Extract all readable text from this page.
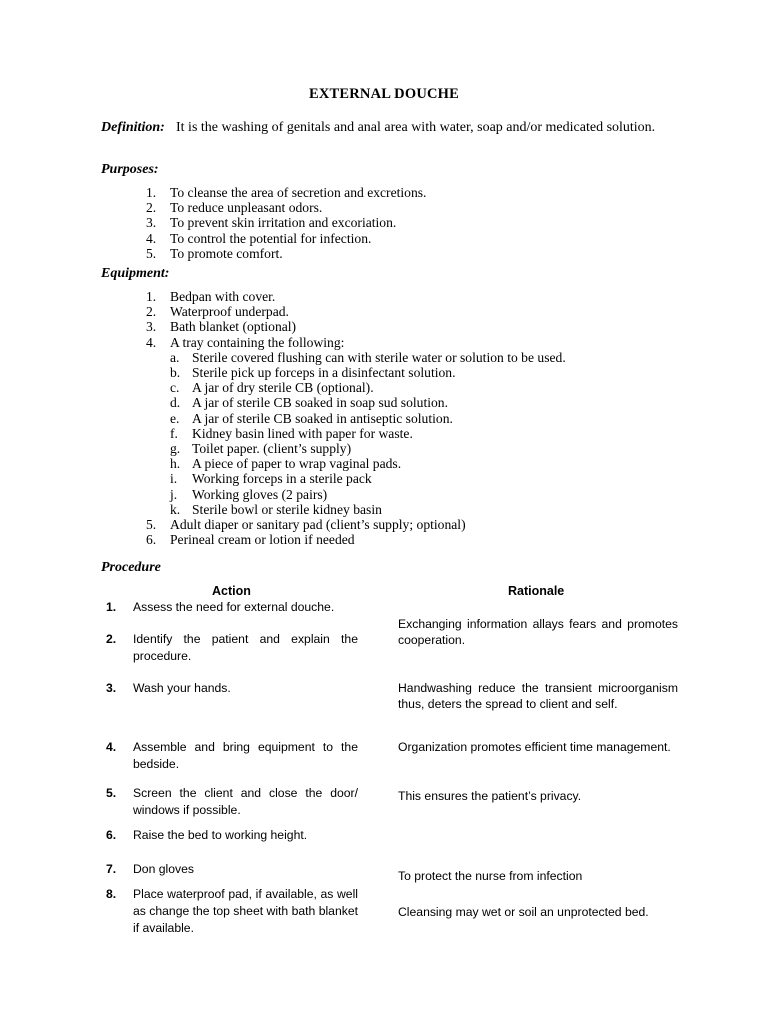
EXTERNAL DOUCHE
Definition: It is the washing of genitals and anal area with water, soap and/or medicated solution.
Purposes:
1. To cleanse the area of secretion and excretions.
2. To reduce unpleasant odors.
3. To prevent skin irritation and excoriation.
4. To control the potential for infection.
5. To promote comfort.
Equipment:
1. Bedpan with cover.
2. Waterproof underpad.
3. Bath blanket (optional)
4. A tray containing the following:
a. Sterile covered flushing can with sterile water or solution to be used.
b. Sterile pick up forceps in a disinfectant solution.
c. A jar of dry sterile CB (optional).
d. A jar of sterile CB soaked in soap sud solution.
e. A jar of sterile CB soaked in antiseptic solution.
f. Kidney basin lined with paper for waste.
g. Toilet paper. (client’s supply)
h. A piece of paper to wrap vaginal pads.
i. Working forceps in a sterile pack
j. Working gloves (2 pairs)
k. Sterile bowl or sterile kidney basin
5. Adult diaper or sanitary pad (client’s supply; optional)
6. Perineal cream or lotion if needed
Procedure
Action	Rationale
1. Assess the need for external douche.
2. Identify the patient and explain the procedure.
3. Wash your hands.
4. Assemble and bring equipment to the bedside.
5. Screen the client and close the door/ windows if possible.
6. Raise the bed to working height.
7. Don gloves
8. Place waterproof pad, if available, as well as change the top sheet with bath blanket if available.
Exchanging information allays fears and promotes cooperation.
Handwashing reduce the transient microorganism thus, deters the spread to client and self.
Organization promotes efficient time management.
This ensures the patient’s privacy.
To protect the nurse from infection
Cleansing may wet or soil an unprotected bed.
